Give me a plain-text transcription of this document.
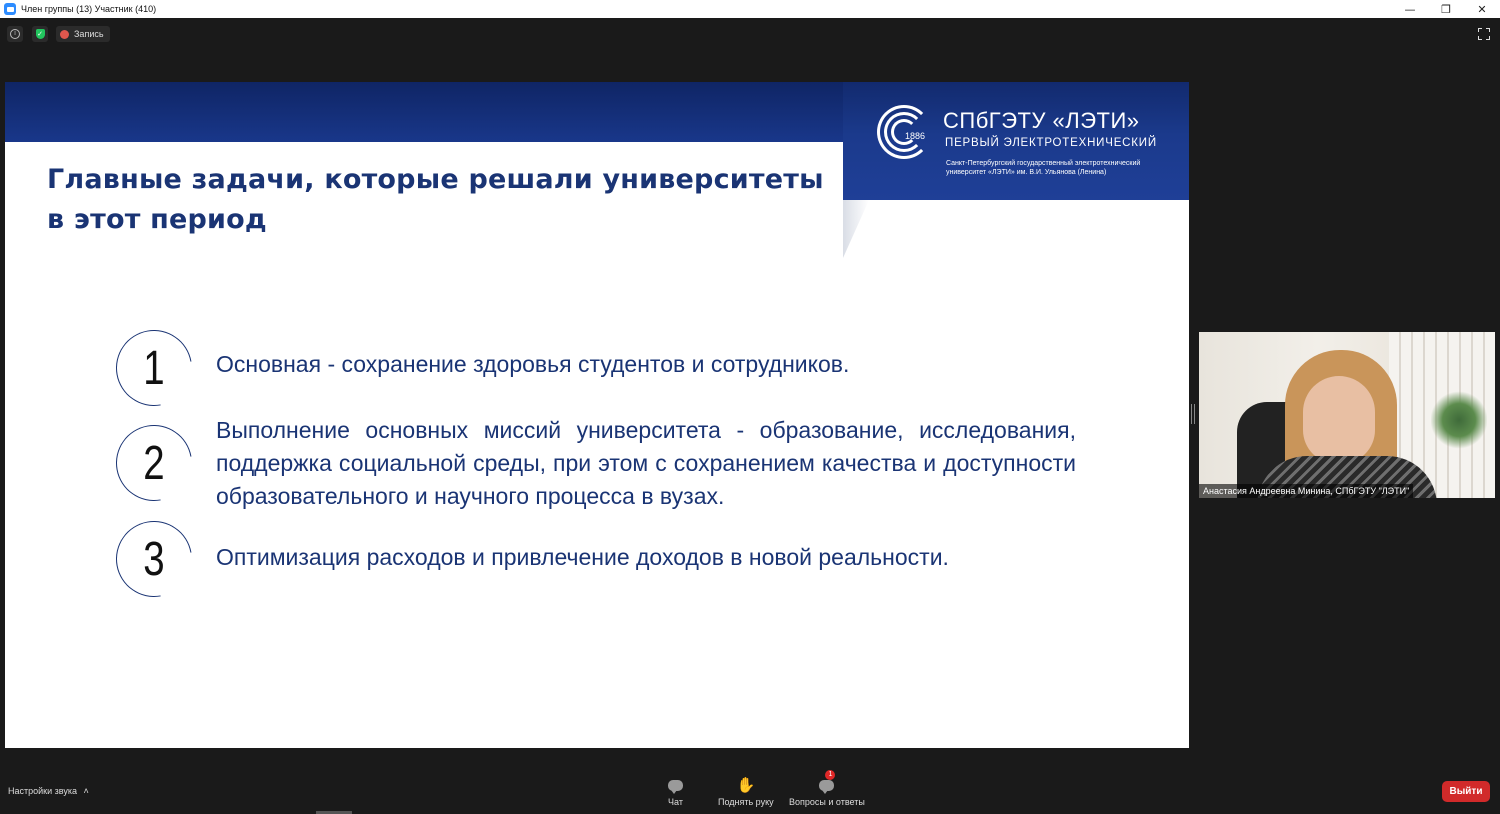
Член группы (13) Участник (410)	—	❐	✕
i	✓	Запись
Главные задачи, которые решали университеты в этот период
1886
СПбГЭТУ «ЛЭТИ»
ПЕРВЫЙ ЭЛЕКТРОТЕХНИЧЕСКИЙ
Санкт-Петербургский государственный электротехнический университет «ЛЭТИ» им. В.И. Ульянова (Ленина)
1	Основная - сохранение здоровья студентов и сотрудников.
2
Выполнение основных миссий университета - образование, исследования, поддержка социальной среды, при этом с сохранением качества и доступности образовательного и научного процесса в вузах.
3	Оптимизация расходов и привлечение доходов в новой реальности.
Анастасия Андреевна Минина, СПбГЭТУ "ЛЭТИ"
Настройки звука ˄
Чат
✋
Поднять руку
1
Вопросы и ответы
Выйти
